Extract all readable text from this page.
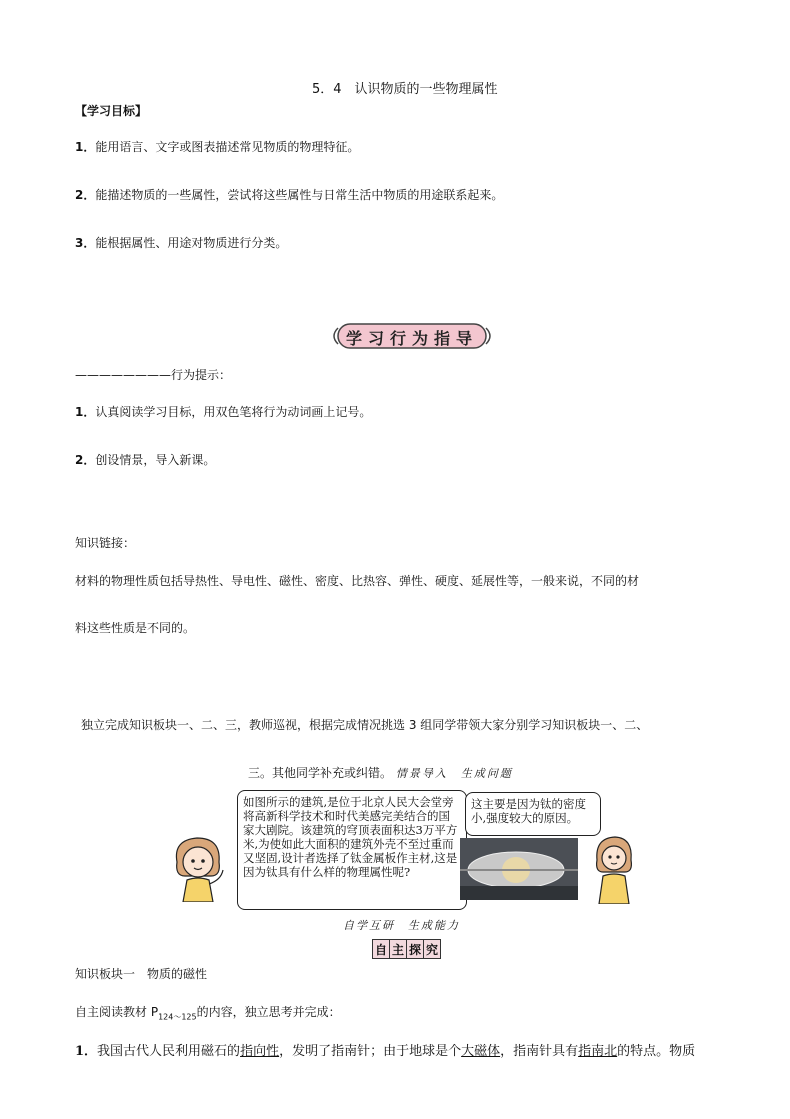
5．4　认识物质的一些物理属性
【学习目标】
1．能用语言、文字或图表描述常见物质的物理特征。
2．能描述物质的一些属性，尝试将这些属性与日常生活中物质的用途联系起来。
3．能根据属性、用途对物质进行分类。
学习行为指导
————————行为提示：
1．认真阅读学习目标，用双色笔将行为动词画上记号。
2．创设情景，导入新课。
知识链接：
材料的物理性质包括导热性、导电性、磁性、密度、比热容、弹性、硬度、延展性等，一般来说，不同的材
料这些性质是不同的。
独立完成知识板块一、二、三，教师巡视，根据完成情况挑选 3 组同学带领大家分别学习知识板块一、二、
三。其他同学补充或纠错。 情景导入　生成问题
如图所示的建筑,是位于北京人民大会堂旁将高新科学技术和时代美感完美结合的国家大剧院。该建筑的穹顶表面积达3万平方米,为使如此大面积的建筑外壳不至过重而又坚固,设计者选择了钛金属板作主材,这是因为钛具有什么样的物理属性呢?
这主要是因为钛的密度小,强度较大的原因。
自学互研　生成能力
自 主 探 究
知识板块一　物质的磁性
自主阅读教材 $P_{124\sim 125}$的内容，独立思考并完成：
1．我国古代人民利用磁石的指向性，发明了指南针；由于地球是个大磁体，指南针具有指南北的特点。物质
